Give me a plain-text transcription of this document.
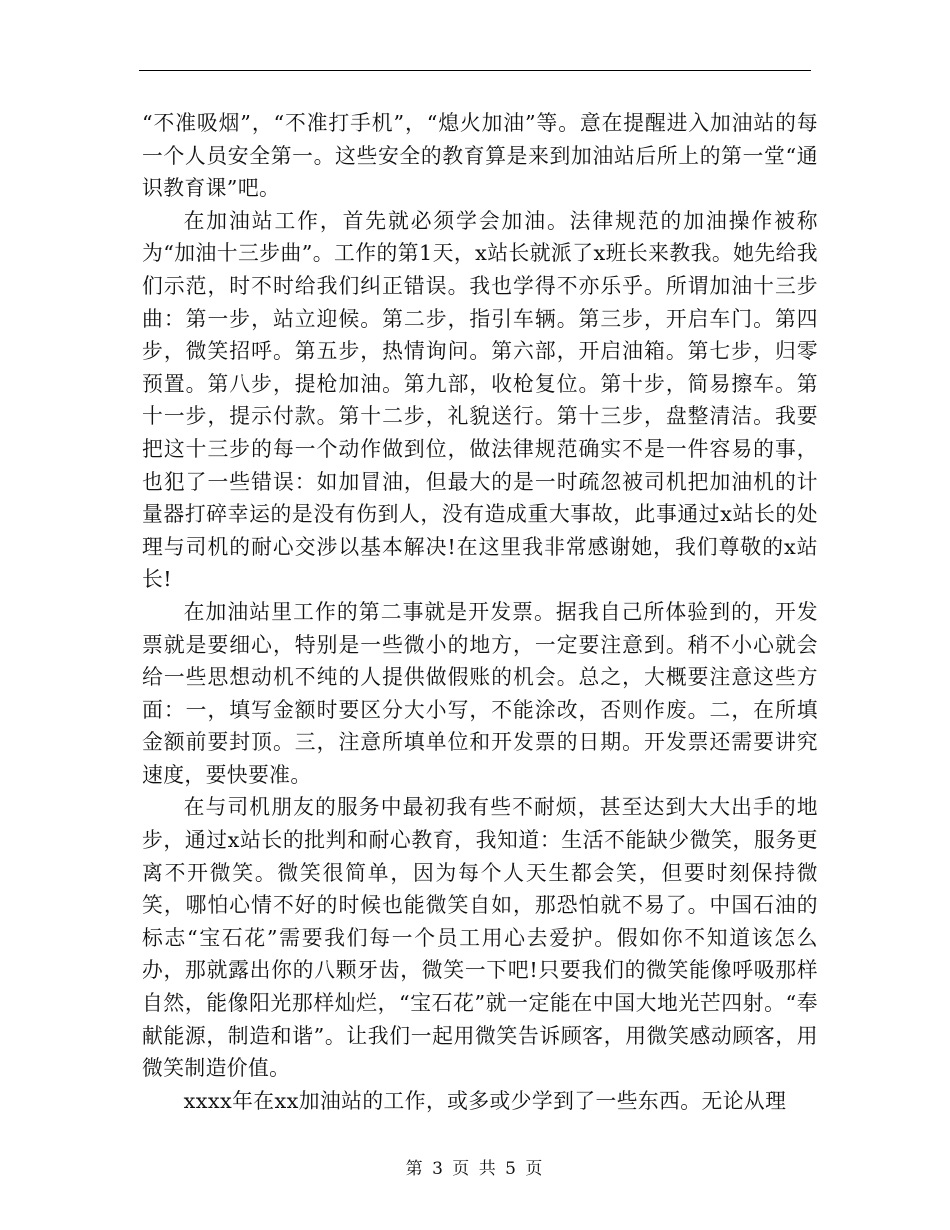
“不准吸烟”，“不准打手机”，“熄火加油”等。意在提醒进入加油站的每一个人员安全第一。这些安全的教育算是来到加油站后所上的第一堂“通识教育课”吧。

在加油站工作，首先就必须学会加油。法律规范的加油操作被称为“加油十三步曲”。工作的第1天，x站长就派了x班长来教我。她先给我们示范，时不时给我们纠正错误。我也学得不亦乐乎。所谓加油十三步曲：第一步，站立迎候。第二步，指引车辆。第三步，开启车门。第四步，微笑招呼。第五步，热情询问。第六部，开启油箱。第七步，归零预置。第八步，提枪加油。第九部，收枪复位。第十步，简易擦车。第十一步，提示付款。第十二步，礼貌送行。第十三步，盘整清洁。我要把这十三步的每一个动作做到位，做法律规范确实不是一件容易的事，也犯了一些错误：如加冒油，但最大的是一时疏忽被司机把加油机的计量器打碎幸运的是没有伤到人，没有造成重大事故，此事通过x站长的处理与司机的耐心交涉以基本解决!在这里我非常感谢她，我们尊敬的x站长!

在加油站里工作的第二事就是开发票。据我自己所体验到的，开发票就是要细心，特别是一些微小的地方，一定要注意到。稍不小心就会给一些思想动机不纯的人提供做假账的机会。总之，大概要注意这些方面：一，填写金额时要区分大小写，不能涂改，否则作废。二，在所填金额前要封顶。三，注意所填单位和开发票的日期。开发票还需要讲究速度，要快要准。

在与司机朋友的服务中最初我有些不耐烦，甚至达到大大出手的地步，通过x站长的批判和耐心教育，我知道：生活不能缺少微笑，服务更离不开微笑。微笑很简单，因为每个人天生都会笑，但要时刻保持微笑，哪怕心情不好的时候也能微笑自如，那恐怕就不易了。中国石油的标志“宝石花”需要我们每一个员工用心去爱护。假如你不知道该怎么办，那就露出你的八颗牙齿，微笑一下吧!只要我们的微笑能像呼吸那样自然，能像阳光那样灿烂，“宝石花”就一定能在中国大地光芒四射。“奉献能源，制造和谐”。让我们一起用微笑告诉顾客，用微笑感动顾客，用微笑制造价值。

xxxx年在xx加油站的工作，或多或少学到了一些东西。无论从理

第 3 页 共 5 页
